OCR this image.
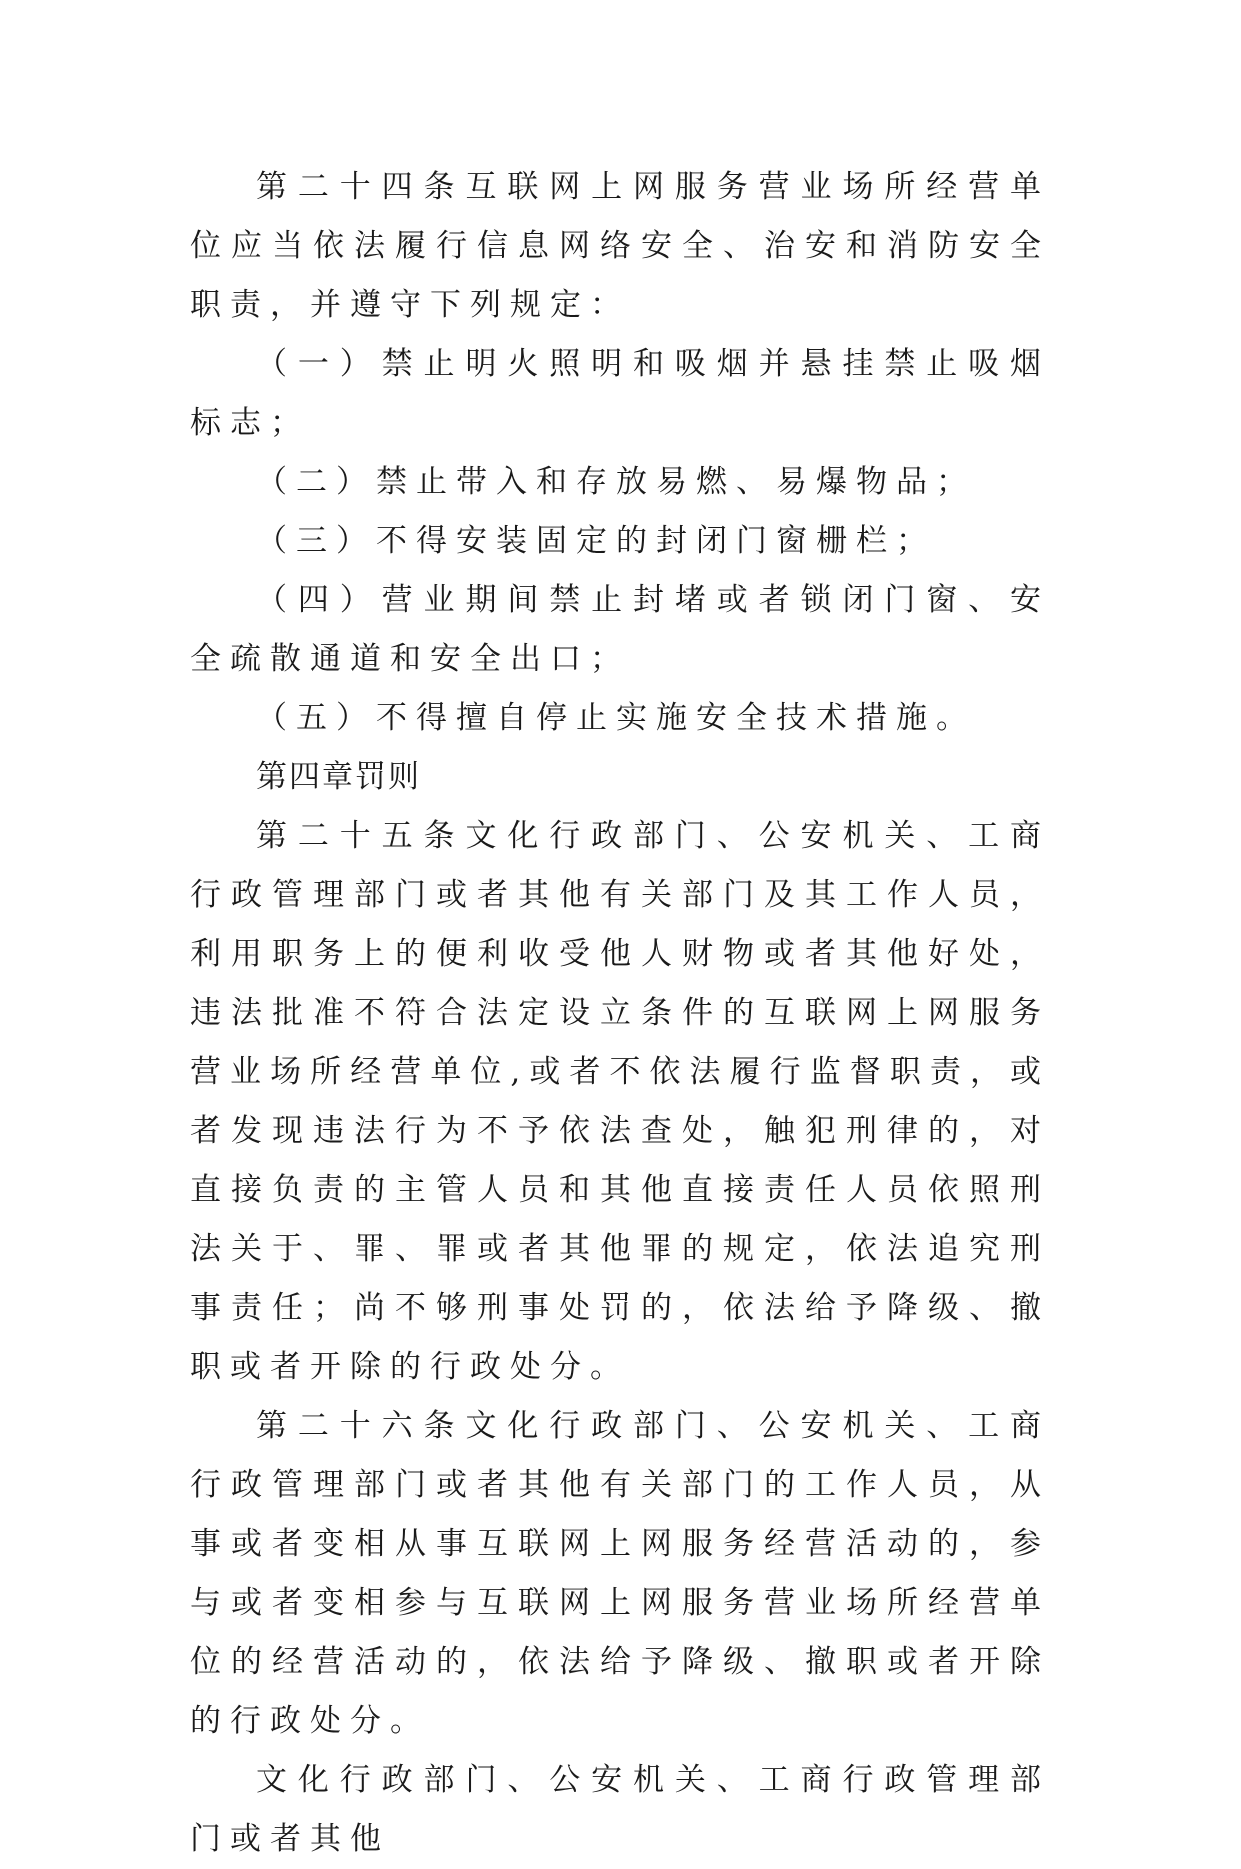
第二十四条互联网上网服务营业场所经营单位应当依法履行信息网络安全、治安和消防安全职责，并遵守下列规定：

（一）禁止明火照明和吸烟并悬挂禁止吸烟标志；

（二）禁止带入和存放易燃、易爆物品；

（三）不得安装固定的封闭门窗栅栏；

（四）营业期间禁止封堵或者锁闭门窗、安全疏散通道和安全出口；

（五）不得擅自停止实施安全技术措施。

第四章罚则

第二十五条文化行政部门、公安机关、工商行政管理部门或者其他有关部门及其工作人员，利用职务上的便利收受他人财物或者其他好处，违法批准不符合法定设立条件的互联网上网服务营业场所经营单位,或者不依法履行监督职责，或者发现违法行为不予依法查处，触犯刑律的，对直接负责的主管人员和其他直接责任人员依照刑法关于、罪、罪或者其他罪的规定，依法追究刑事责任；尚不够刑事处罚的，依法给予降级、撤职或者开除的行政处分。

第二十六条文化行政部门、公安机关、工商行政管理部门或者其他有关部门的工作人员，从事或者变相从事互联网上网服务经营活动的，参与或者变相参与互联网上网服务营业场所经营单位的经营活动的，依法给予降级、撤职或者开除的行政处分。

文化行政部门、公安机关、工商行政管理部门或者其他
